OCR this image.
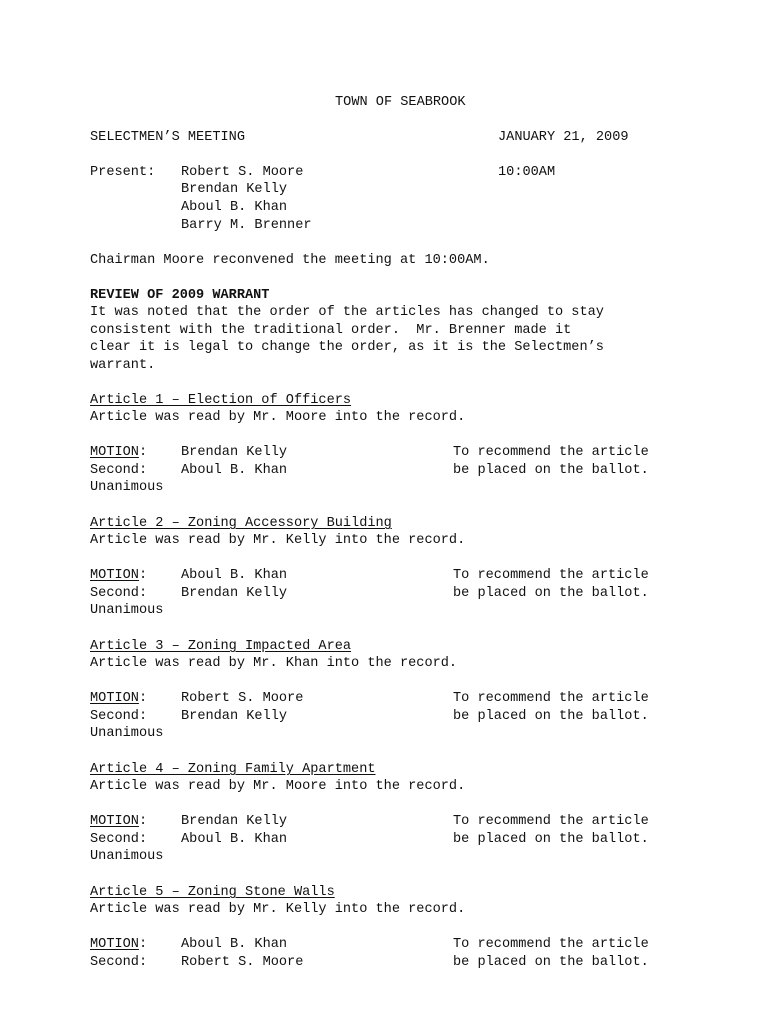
TOWN OF SEABROOK
SELECTMEN’S MEETING	JANUARY 21, 2009
Present: Robert S. Moore	10:00AM
Brendan Kelly
Aboul B. Khan
Barry M. Brenner
Chairman Moore reconvened the meeting at 10:00AM.
REVIEW OF 2009 WARRANT
It was noted that the order of the articles has changed to stay
consistent with the traditional order.  Mr. Brenner made it
clear it is legal to change the order, as it is the Selectmen’s
warrant.
Article 1 – Election of Officers
Article was read by Mr. Moore into the record.
MOTION: Brendan Kelly	To recommend the article
Second: Aboul B. Khan	be placed on the ballot.
Unanimous
Article 2 – Zoning Accessory Building
Article was read by Mr. Kelly into the record.
MOTION: Aboul B. Khan	To recommend the article
Second: Brendan Kelly	be placed on the ballot.
Unanimous
Article 3 – Zoning Impacted Area
Article was read by Mr. Khan into the record.
MOTION: Robert S. Moore	To recommend the article
Second: Brendan Kelly	be placed on the ballot.
Unanimous
Article 4 – Zoning Family Apartment
Article was read by Mr. Moore into the record.
MOTION: Brendan Kelly	To recommend the article
Second: Aboul B. Khan	be placed on the ballot.
Unanimous
Article 5 – Zoning Stone Walls
Article was read by Mr. Kelly into the record.
MOTION: Aboul B. Khan	To recommend the article
Second: Robert S. Moore	be placed on the ballot.
